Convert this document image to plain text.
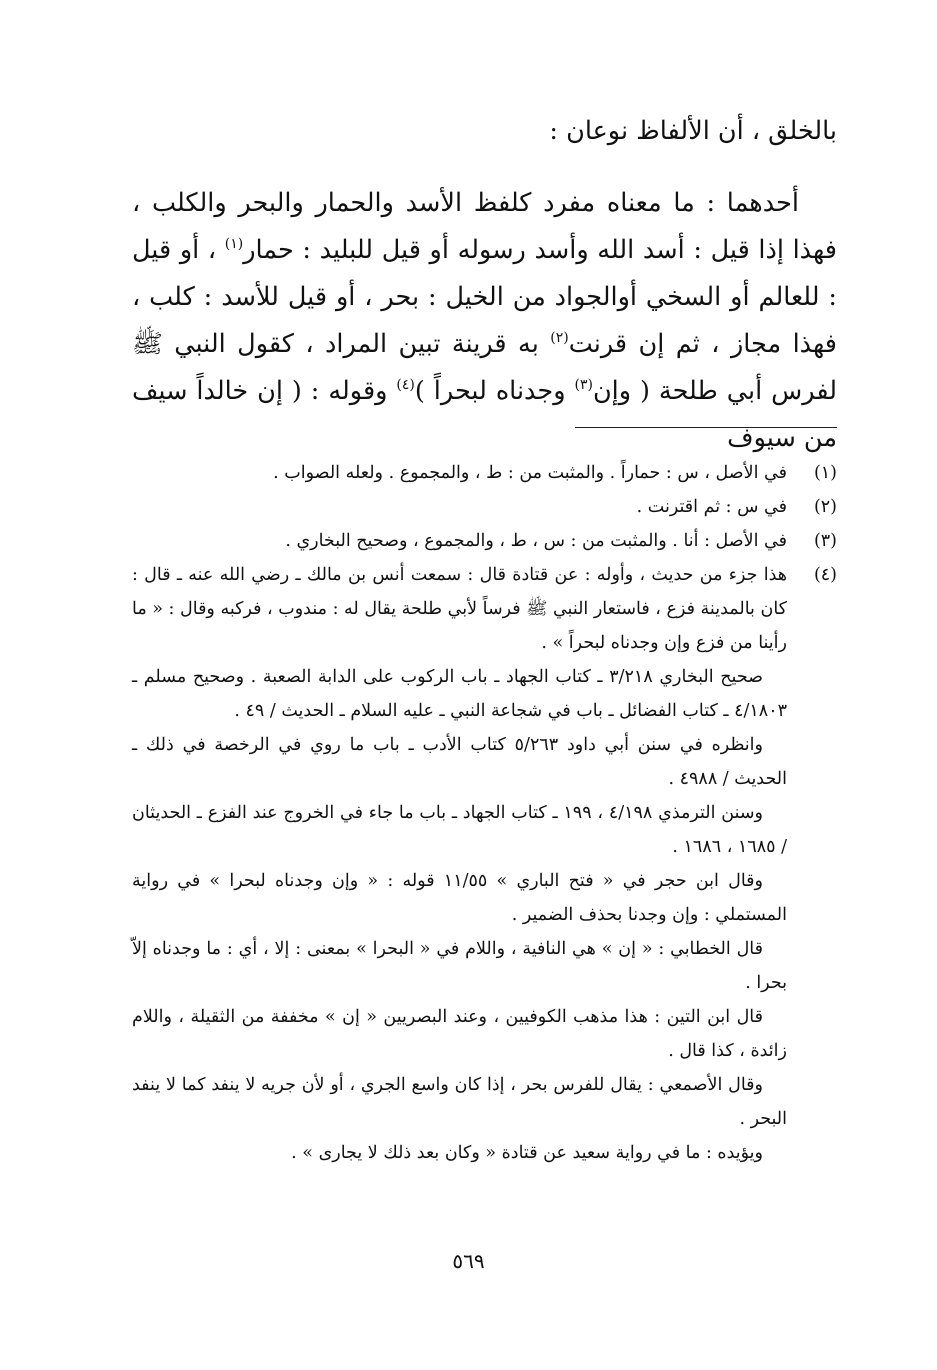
بالخلق ، أن الألفاظ نوعان :

أحدهما : ما معناه مفرد كلفظ الأسد والحمار والبحر والكلب ، فهذا إذا قيل : أسد الله وأسد رسوله أو قيل للبليد : حمار$^{(١)}$ ، أو قيل : للعالم أو السخي أوالجواد من الخيل : بحر ، أو قيل للأسد : كلب ، فهذا مجاز ، ثم إن قرنت$^{(٢)}$ به قرينة تبين المراد ، كقول النبي ﷺ لفرس أبي طلحة ( وإن$^{(٣)}$ وجدناه لبحراً )$^{(٤)}$ وقوله : ( إن خالداً سيف من سيوف

(١)

في الأصل ، س : حماراً . والمثبت من : ط ، والمجموع . ولعله الصواب .

(٢)

في س : ثم اقترنت .

(٣)

في الأصل : أنا . والمثبت من : س ، ط ، والمجموع ، وصحيح البخاري .

(٤)

هذا جزء من حديث ، وأوله : عن قتادة قال : سمعت أنس بن مالك ـ رضي الله عنه ـ قال : كان بالمدينة فزع ، فاستعار النبي ﷺ فرساً لأبي طلحة يقال له : مندوب ، فركبه وقال : « ما رأينا من فزع وإن وجدناه لبحراً » .

صحيح البخاري ٣/٢١٨ ـ كتاب الجهاد ـ باب الركوب على الدابة الصعبة . وصحيح مسلم ـ ٤/١٨٠٣ ـ كتاب الفضائل ـ باب في شجاعة النبي ـ عليه السلام ـ الحديث / ٤٩ .

وانظره في سنن أبي داود ٥/٢٦٣ كتاب الأدب ـ باب ما روي في الرخصة في ذلك ـ الحديث / ٤٩٨٨ .

وسنن الترمذي ٤/١٩٨ ، ١٩٩ ـ كتاب الجهاد ـ باب ما جاء في الخروج عند الفزع ـ الحديثان / ١٦٨٥ ، ١٦٨٦ .

وقال ابن حجر في « فتح الباري » ١١/٥٥ قوله : « وإن وجدناه لبحرا » في رواية المستملي : وإن وجدنا بحذف الضمير .

قال الخطابي : « إن » هي النافية ، واللام في « البحرا » بمعنى : إلا ، أي : ما وجدناه إلاّ بحرا .

قال ابن التين : هذا مذهب الكوفيين ، وعند البصريين « إن » مخففة من الثقيلة ، واللام زائدة ، كذا قال .

وقال الأصمعي : يقال للفرس بحر ، إذا كان واسع الجري ، أو لأن جريه لا ينفد كما لا ينفد البحر .

ويؤيده : ما في رواية سعيد عن قتادة « وكان بعد ذلك لا يجارى » .

٥٦٩
